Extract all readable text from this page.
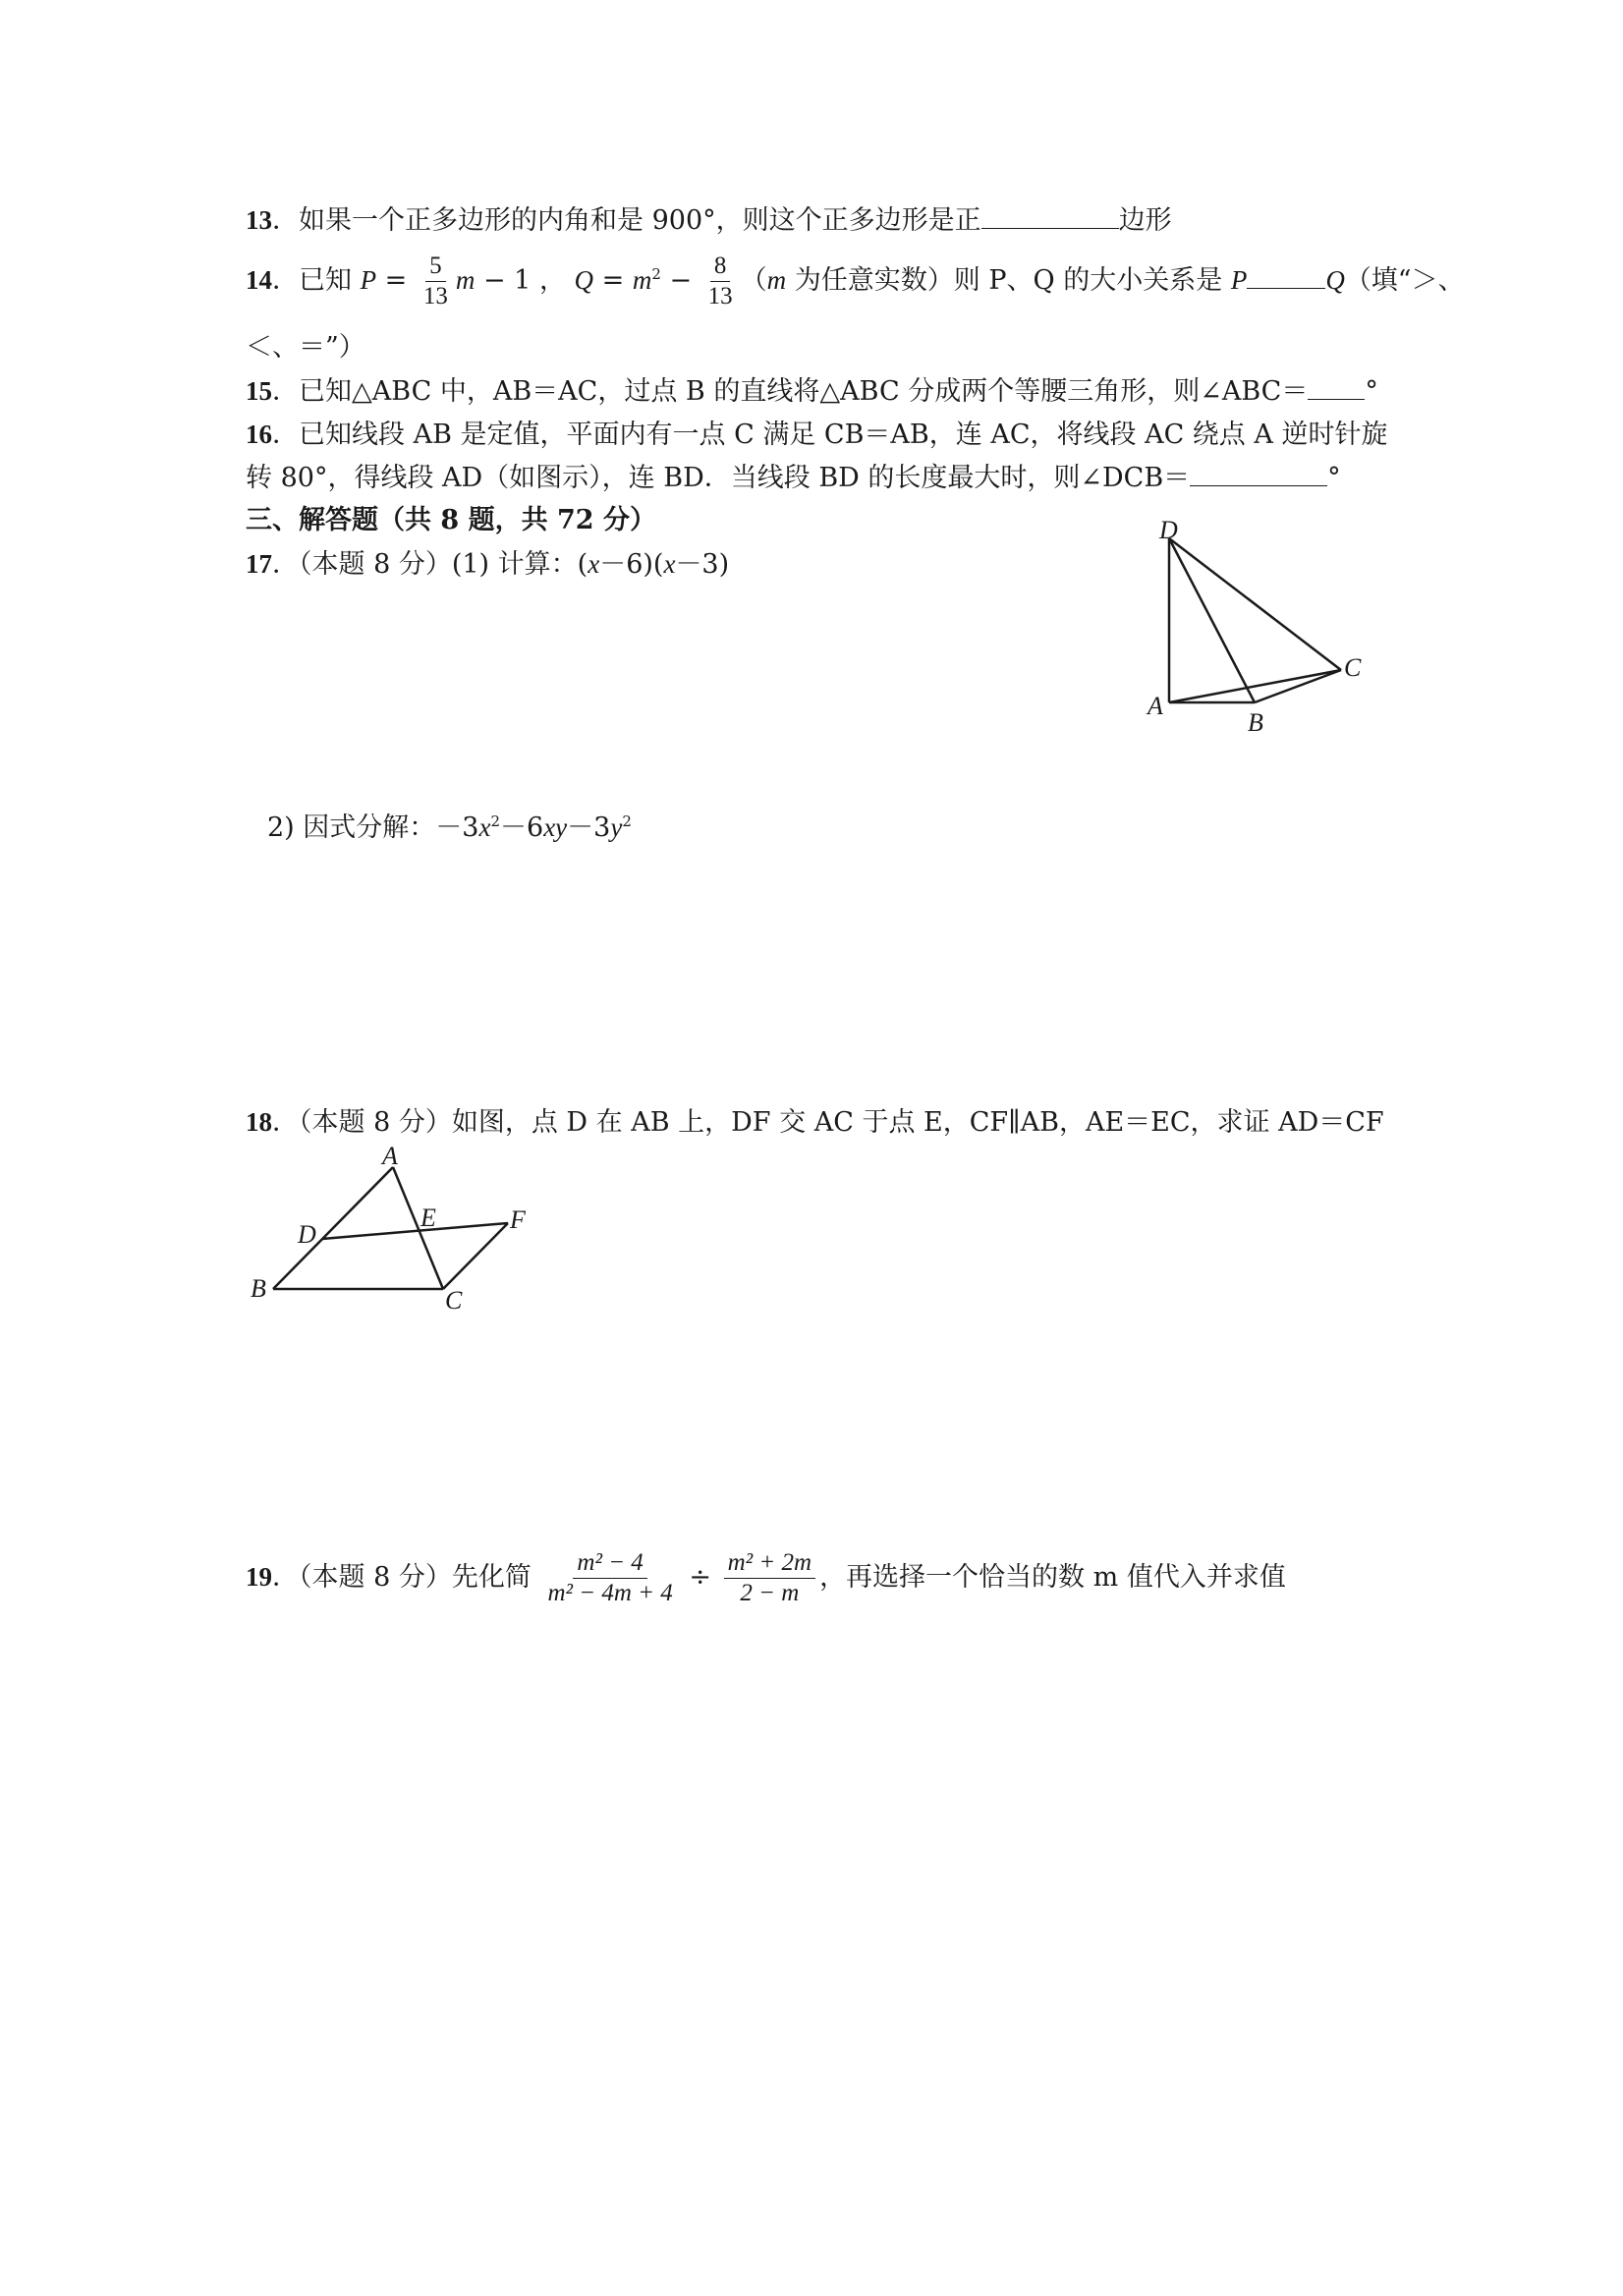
13．如果一个正多边形的内角和是 900°，则这个正多边形是正	边形
14．已知 $P = \frac{5}{13}$ m − 1 ， $Q = m^2 - \frac{8}{13} (m$ 为任意实数）则 P、Q 的大小关系是 P	Q（填“＞、
＜、＝”）
15．已知△ABC 中，AB＝AC，过点 B 的直线将△ABC 分成两个等腰三角形，则∠ABC＝ °
16．已知线段 AB 是定值，平面内有一点 C 满足 CB＝AB，连 AC，将线段 AC 绕点 A 逆时针旋
转 80°，得线段 AD（如图示），连 BD．当线段 BD 的长度最大时，则∠DCB＝	°
三、解答题（共 8 题，共 72 分）
17．（本题 8 分）(1) 计算：(x－6)(x－3)
D
A
B
C
2) 因式分解：$-3x^2-6xy-3y^2$
18．（本题 8 分）如图，点 D 在 AB 上，DF 交 AC 于点 E，CF∥AB，AE＝EC，求证 AD＝CF
A
B	C
D
E	F
19．（本题 8 分）先化简 $\frac{\text{m² − 4}}{\text{m² − 4m + 4}} \div \frac{\text{m² + 2m}}{2 - m}$ ，再选择一个恰当的数 m 值代入并求值
